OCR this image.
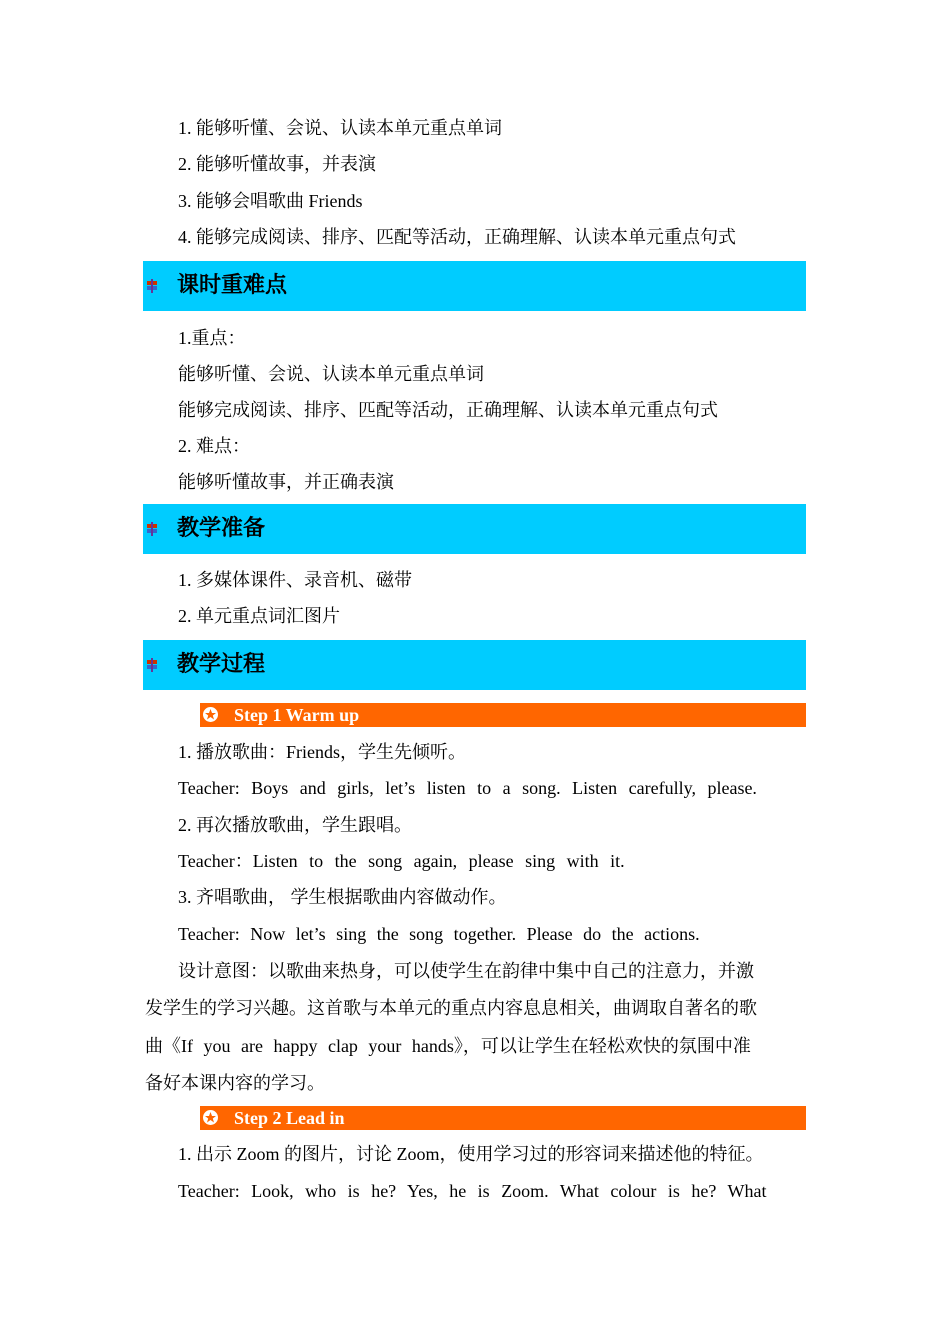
1. 能够听懂、会说、认读本单元重点单词
2. 能够听懂故事，并表演
3. 能够会唱歌曲 Friends
4. 能够完成阅读、排序、匹配等活动，正确理解、认读本单元重点句式
课时重难点
1.重点：
能够听懂、会说、认读本单元重点单词
能够完成阅读、排序、匹配等活动，正确理解、认读本单元重点句式
2. 难点：
能够听懂故事，并正确表演
教学准备
1. 多媒体课件、录音机、磁带
2. 单元重点词汇图片
教学过程
Step 1 Warm up
1. 播放歌曲：Friends，学生先倾听。
Teacher: Boys and girls, let’s listen to a song. Listen carefully, please.
2. 再次播放歌曲，学生跟唱。
Teacher：Listen to the song again, please sing with it.
3. 齐唱歌曲， 学生根据歌曲内容做动作。
Teacher: Now let’s sing the song together. Please do the actions.
设计意图：以歌曲来热身，可以使学生在韵律中集中自己的注意力，并激
发学生的学习兴趣。这首歌与本单元的重点内容息息相关，曲调取自著名的歌
曲《If you are happy clap your hands》，可以让学生在轻松欢快的氛围中准
备好本课内容的学习。
Step 2 Lead in
1. 出示 Zoom 的图片，讨论 Zoom，使用学习过的形容词来描述他的特征。
Teacher: Look, who is he? Yes, he is Zoom. What colour is he? What
